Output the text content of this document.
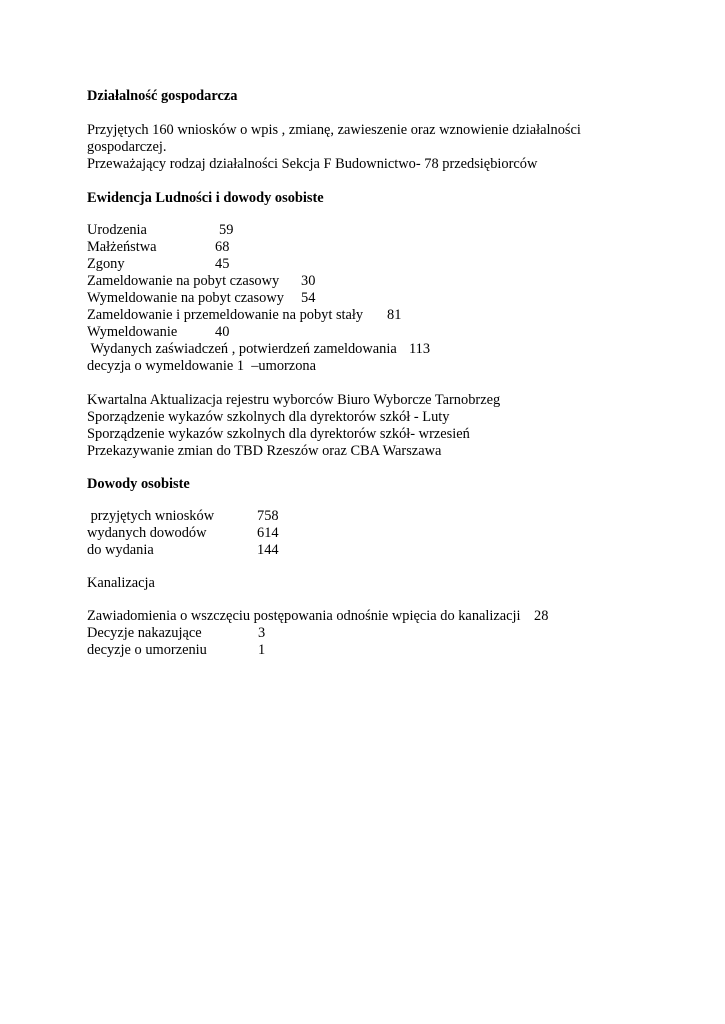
Działalność gospodarcza
Przyjętych 160 wniosków o wpis , zmianę, zawieszenie oraz wznowienie działalności
gospodarczej.
Przeważający rodzaj działalności Sekcja F Budownictwo- 78 przedsiębiorców
Ewidencja Ludności i dowody osobiste
Urodzenia	59
Małżeństwa	68
Zgony	45
Zameldowanie na pobyt czasowy 30
Wymeldowanie na pobyt czasowy 54
Zameldowanie i przemeldowanie na pobyt stały 81
Wymeldowanie	40
Wydanych zaświadczeń , potwierdzeń zameldowania 113
decyzja o wymeldowanie 1  –umorzona
Kwartalna Aktualizacja rejestru wyborców Biuro Wyborcze Tarnobrzeg
Sporządzenie wykazów szkolnych dla dyrektorów szkół - Luty
Sporządzenie wykazów szkolnych dla dyrektorów szkół- wrzesień
Przekazywanie zmian do TBD Rzeszów oraz CBA Warszawa
Dowody osobiste
przyjętych wniosków	758
wydanych dowodów	614
do wydania	144
Kanalizacja
Zawiadomienia o wszczęciu postępowania odnośnie wpięcia do kanalizacji 28
Decyzje nakazujące	3
decyzje o umorzeniu	1
